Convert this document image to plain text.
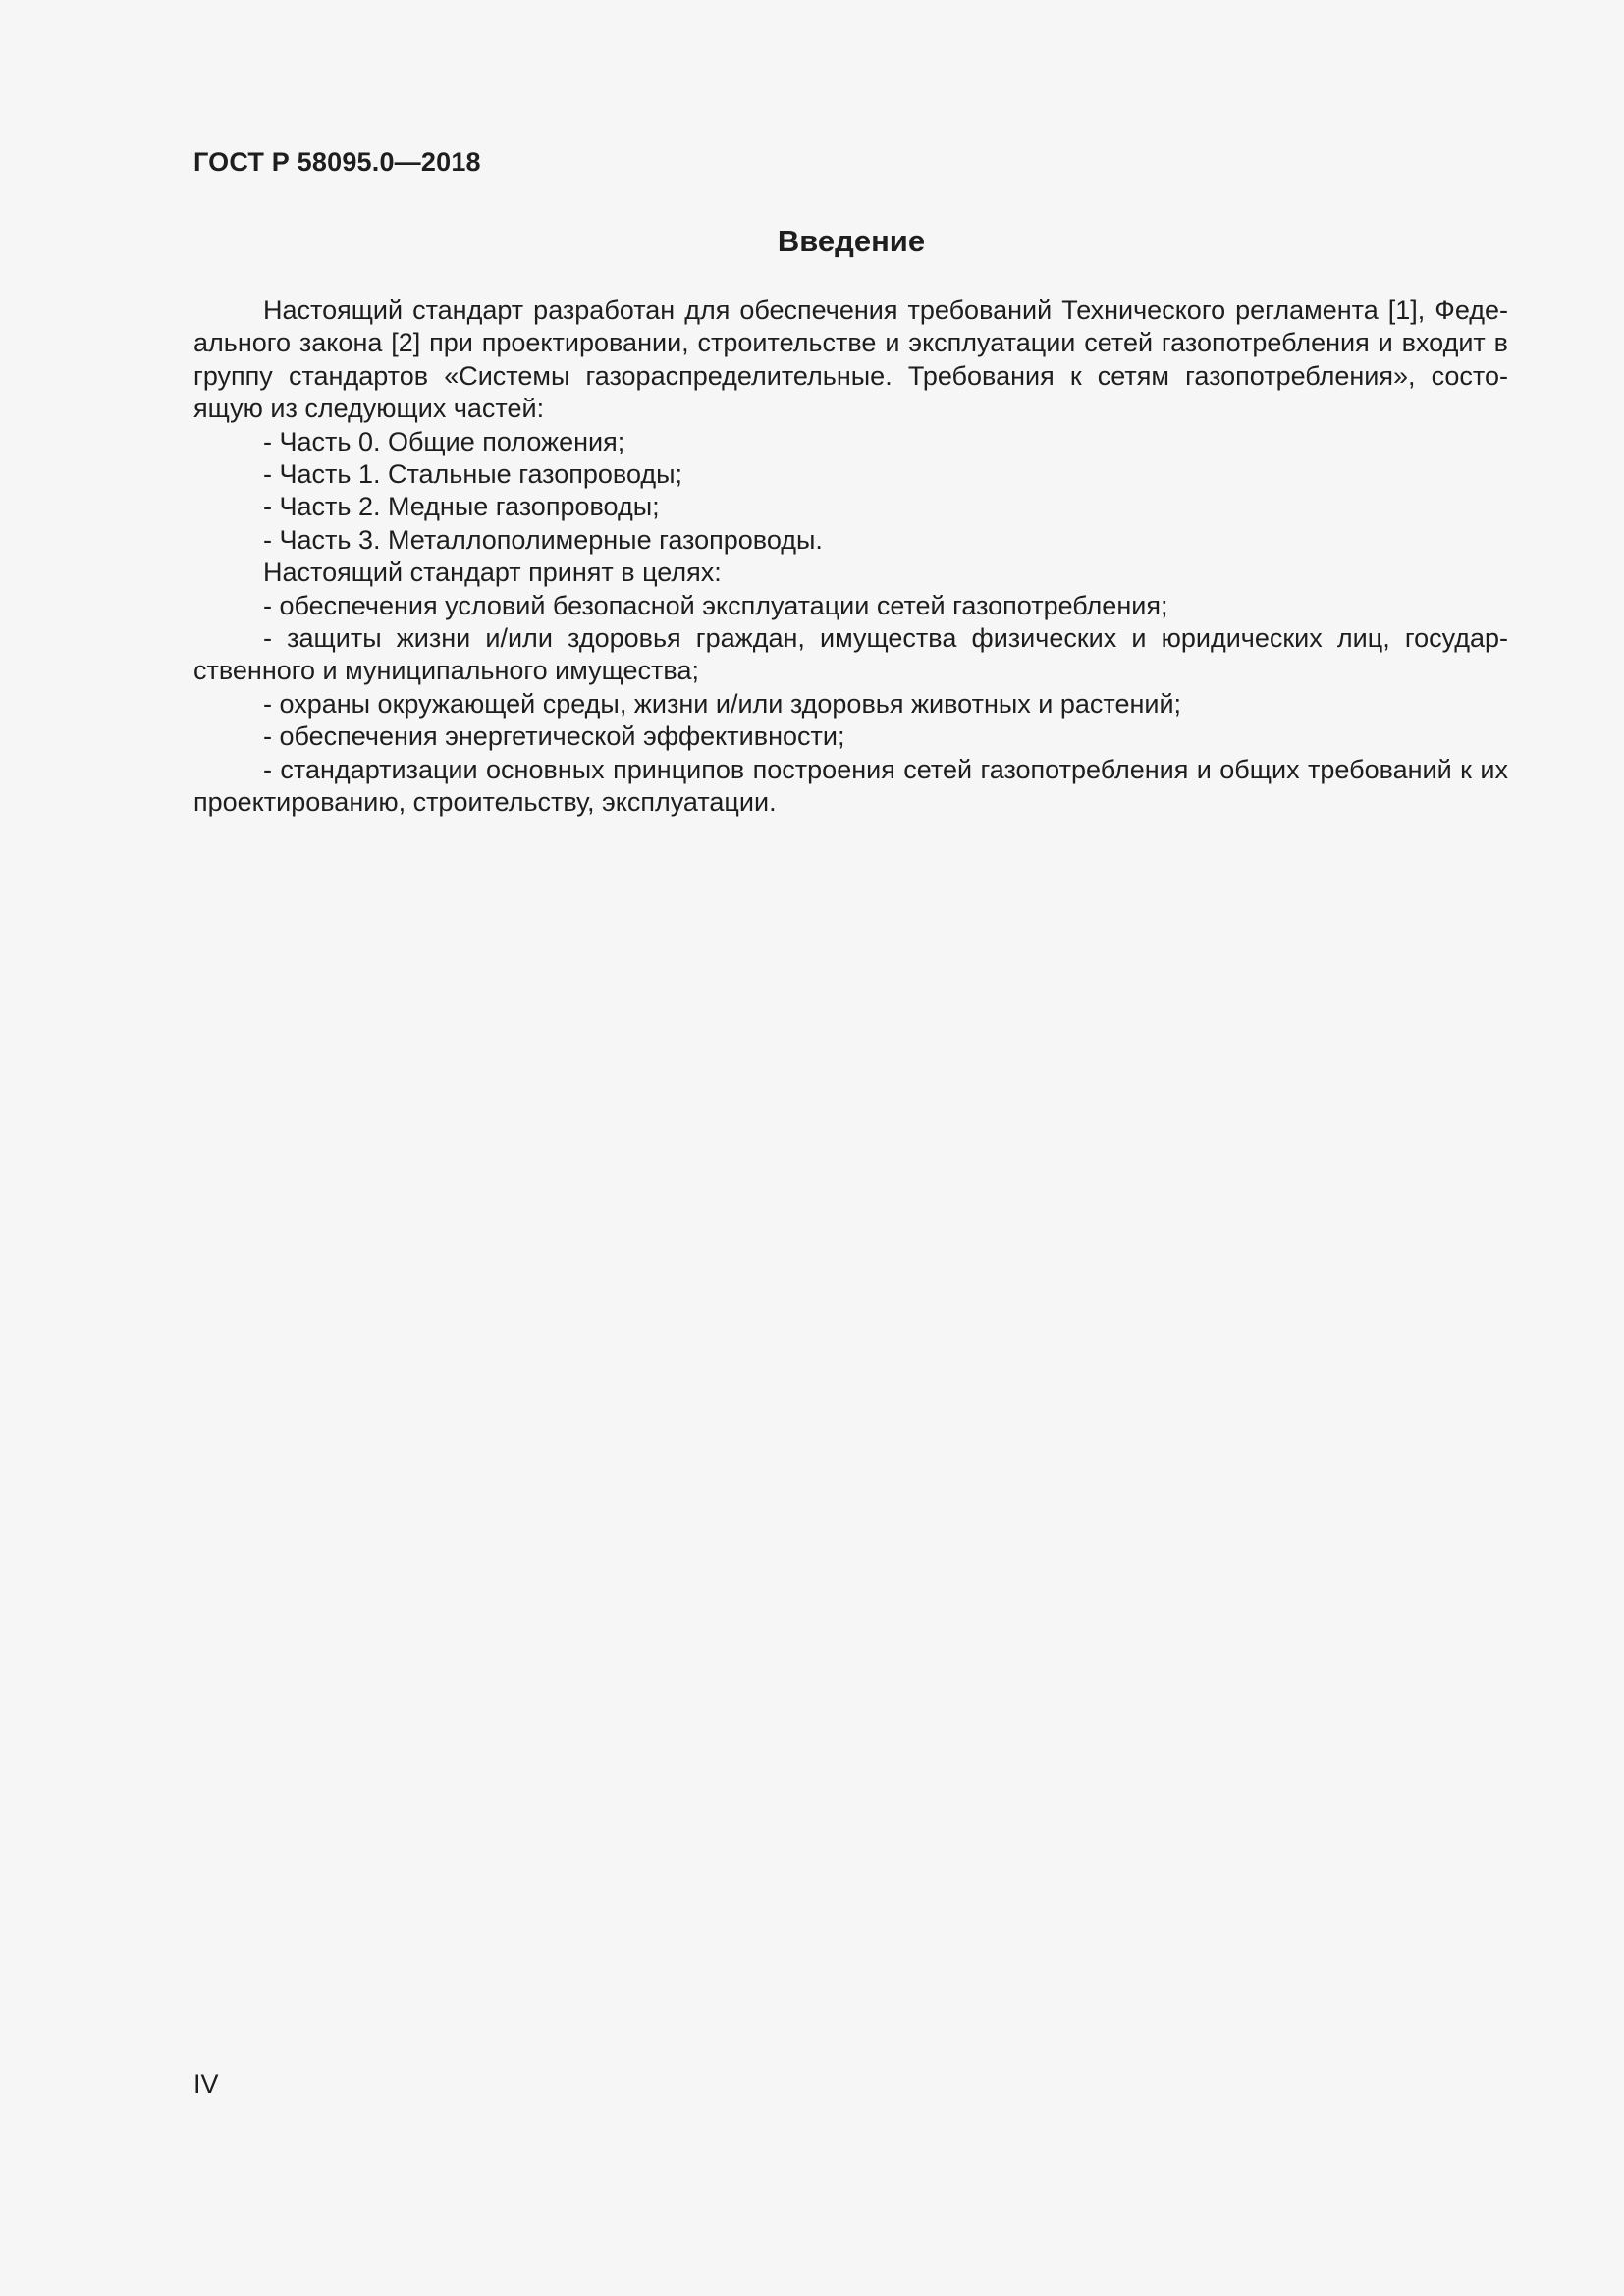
ГОСТ Р 58095.0—2018
Введение

Настоящий стандарт разработан для обеспечения требований Технического регламента [1], Феде-ального закона [2] при проектировании, строительстве и эксплуатации сетей газопотребления и входит в группу стандартов «Системы газораспределительные. Требования к сетям газопотребления», состо-ящую из следующих частей:

- Часть 0. Общие положения;

- Часть 1. Стальные газопроводы;

- Часть 2. Медные газопроводы;

- Часть 3. Металлополимерные газопроводы.

Настоящий стандарт принят в целях:

- обеспечения условий безопасной эксплуатации сетей газопотребления;

- защиты жизни и/или здоровья граждан, имущества физических и юридических лиц, государ-ственного и муниципального имущества;

- охраны окружающей среды, жизни и/или здоровья животных и растений;

- обеспечения энергетической эффективности;

- стандартизации основных принципов построения сетей газопотребления и общих требований к их проектированию, строительству, эксплуатации.

IV
